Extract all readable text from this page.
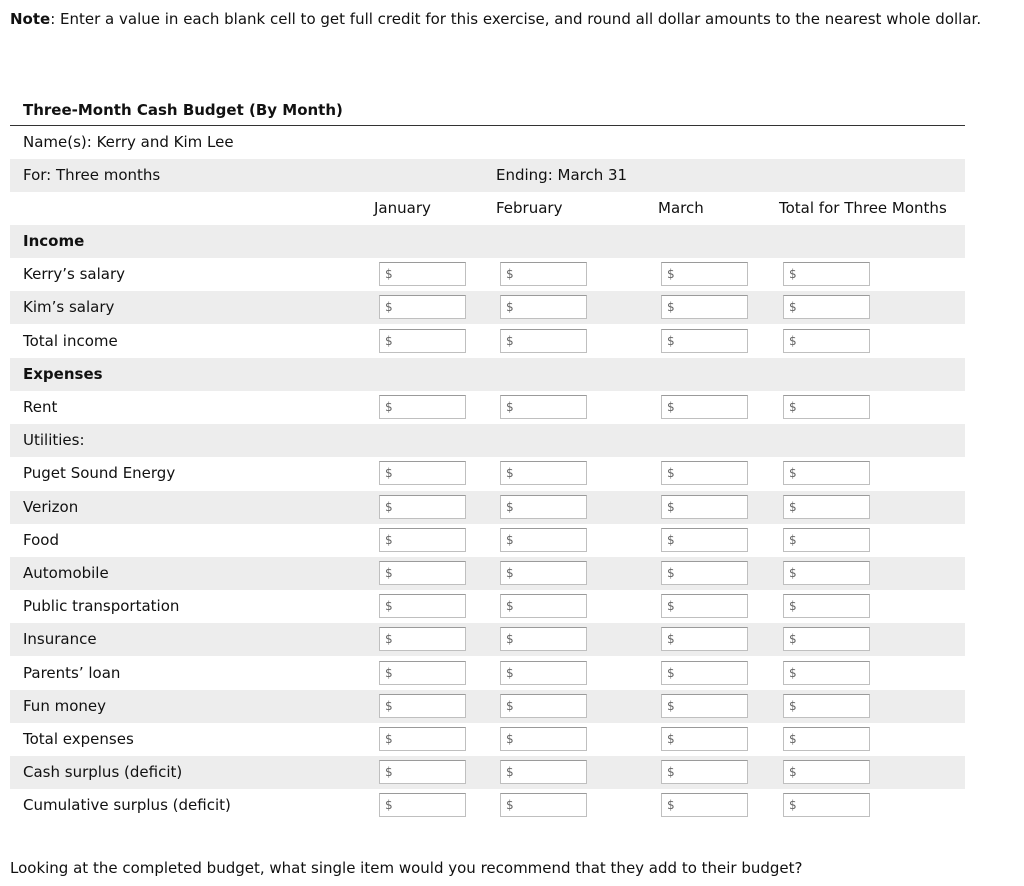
Note: Enter a value in each blank cell to get full credit for this exercise, and round all dollar amounts to the nearest whole dollar.
Three-Month Cash Budget (By Month)
Name(s): Kerry and Kim Lee
For: Three months	Ending: March 31
January	February	March	Total for Three Months
Income
Kerry’s salary	$	$	$	$
Kim’s salary	$	$	$	$
Total income	$	$	$	$
Expenses
Rent	$	$	$	$
Utilities:
Puget Sound Energy	$	$	$	$
Verizon	$	$	$	$
Food	$	$	$	$
Automobile	$	$	$	$
Public transportation	$	$	$	$
Insurance	$	$	$	$
Parents’ loan	$	$	$	$
Fun money	$	$	$	$
Total expenses	$	$	$	$
Cash surplus (deficit)	$	$	$	$
Cumulative surplus (deficit)	$	$	$	$
Looking at the completed budget, what single item would you recommend that they add to their budget?
